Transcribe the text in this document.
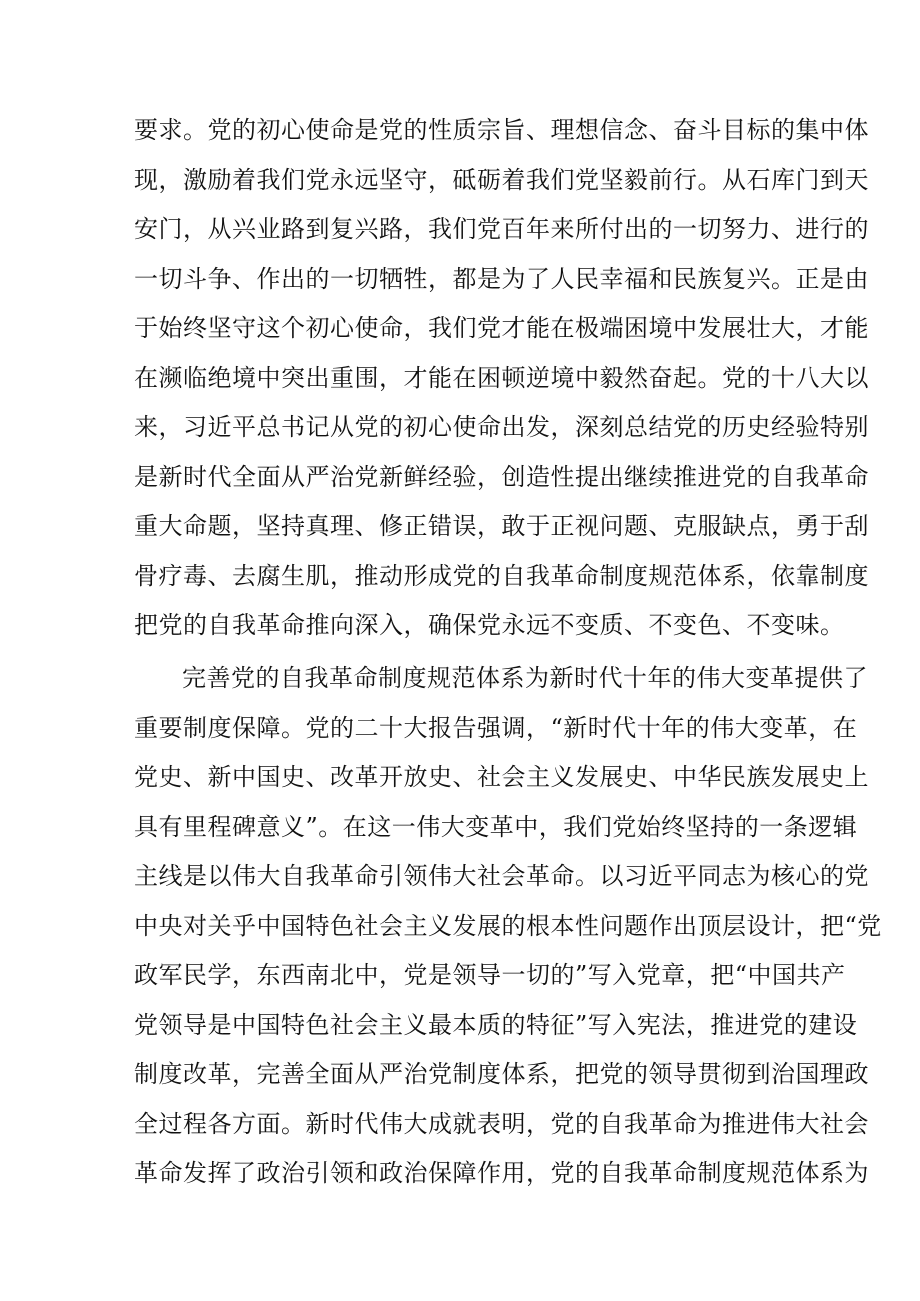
要求。党的初心使命是党的性质宗旨、理想信念、奋斗目标的集中体
现，激励着我们党永远坚守，砥砺着我们党坚毅前行。从石库门到天
安门，从兴业路到复兴路，我们党百年来所付出的一切努力、进行的
一切斗争、作出的一切牺牲，都是为了人民幸福和民族复兴。正是由
于始终坚守这个初心使命，我们党才能在极端困境中发展壮大，才能
在濒临绝境中突出重围，才能在困顿逆境中毅然奋起。党的十八大以
来，习近平总书记从党的初心使命出发，深刻总结党的历史经验特别
是新时代全面从严治党新鲜经验，创造性提出继续推进党的自我革命
重大命题，坚持真理、修正错误，敢于正视问题、克服缺点，勇于刮
骨疗毒、去腐生肌，推动形成党的自我革命制度规范体系，依靠制度
把党的自我革命推向深入，确保党永远不变质、不变色、不变味。
完善党的自我革命制度规范体系为新时代十年的伟大变革提供了
重要制度保障。党的二十大报告强调，“新时代十年的伟大变革，在
党史、新中国史、改革开放史、社会主义发展史、中华民族发展史上
具有里程碑意义”。在这一伟大变革中，我们党始终坚持的一条逻辑
主线是以伟大自我革命引领伟大社会革命。以习近平同志为核心的党
中央对关乎中国特色社会主义发展的根本性问题作出顶层设计，把“党
政军民学，东西南北中，党是领导一切的”写入党章，把“中国共产
党领导是中国特色社会主义最本质的特征”写入宪法，推进党的建设
制度改革，完善全面从严治党制度体系，把党的领导贯彻到治国理政
全过程各方面。新时代伟大成就表明，党的自我革命为推进伟大社会
革命发挥了政治引领和政治保障作用，党的自我革命制度规范体系为
